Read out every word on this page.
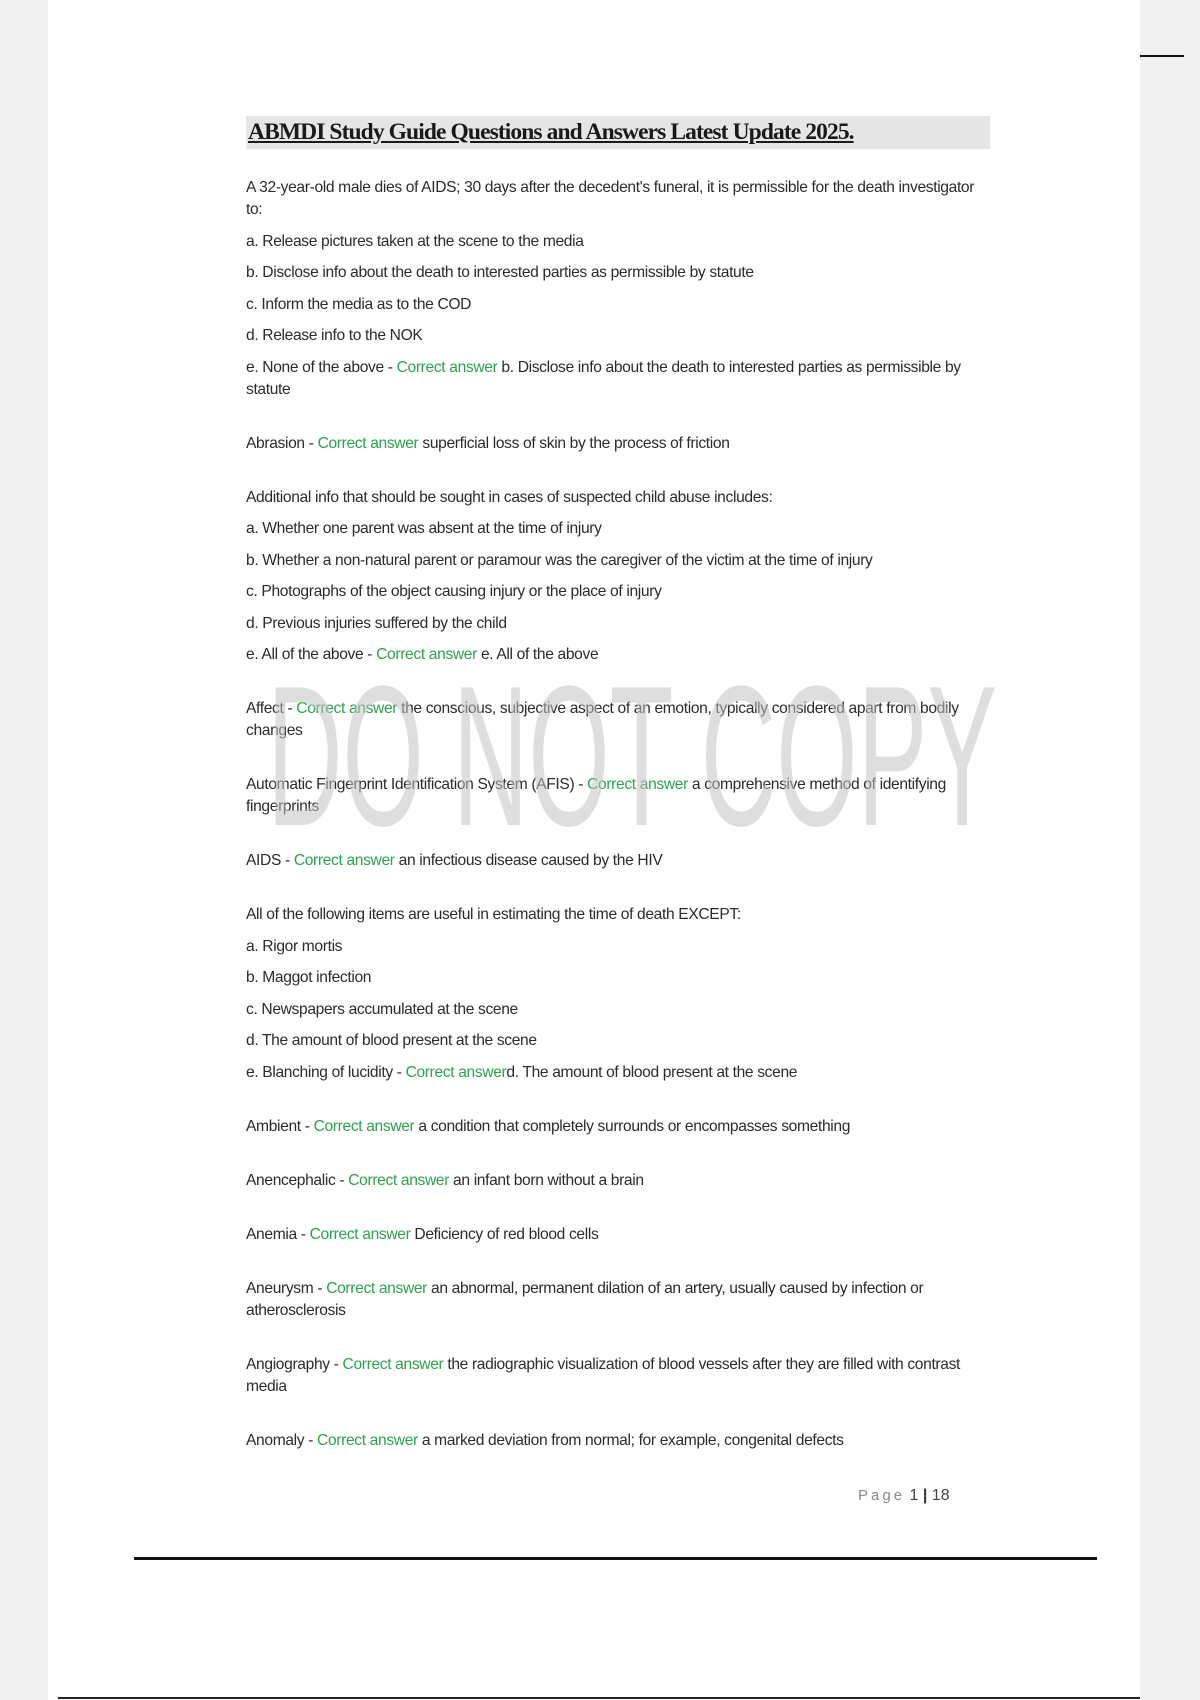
ABMDI Study Guide Questions and Answers Latest Update 2025.
A 32-year-old male dies of AIDS; 30 days after the decedent's funeral, it is permissible for the death investigator to:
a. Release pictures taken at the scene to the media
b. Disclose info about the death to interested parties as permissible by statute
c. Inform the media as to the COD
d. Release info to the NOK
e. None of the above - Correct answer b. Disclose info about the death to interested parties as permissible by statute
Abrasion - Correct answer superficial loss of skin by the process of friction
Additional info that should be sought in cases of suspected child abuse includes:
a. Whether one parent was absent at the time of injury
b. Whether a non-natural parent or paramour was the caregiver of the victim at the time of injury
c. Photographs of the object causing injury or the place of injury
d. Previous injuries suffered by the child
e. All of the above - Correct answer e. All of the above
Affect - Correct answer the conscious, subjective aspect of an emotion, typically considered apart from bodily changes
Automatic Fingerprint Identification System (AFIS) - Correct answer a comprehensive method of identifying fingerprints
AIDS - Correct answer an infectious disease caused by the HIV
All of the following items are useful in estimating the time of death EXCEPT:
a. Rigor mortis
b. Maggot infection
c. Newspapers accumulated at the scene
d. The amount of blood present at the scene
e. Blanching of lucidity - Correct answerd. The amount of blood present at the scene
Ambient - Correct answer a condition that completely surrounds or encompasses something
Anencephalic - Correct answer an infant born without a brain
Anemia - Correct answer Deficiency of red blood cells
Aneurysm - Correct answer an abnormal, permanent dilation of an artery, usually caused by infection or atherosclerosis
Angiography - Correct answer the radiographic visualization of blood vessels after they are filled with contrast media
Anomaly - Correct answer a marked deviation from normal; for example, congenital defects
DO NOT COPY
Page 1 | 18
